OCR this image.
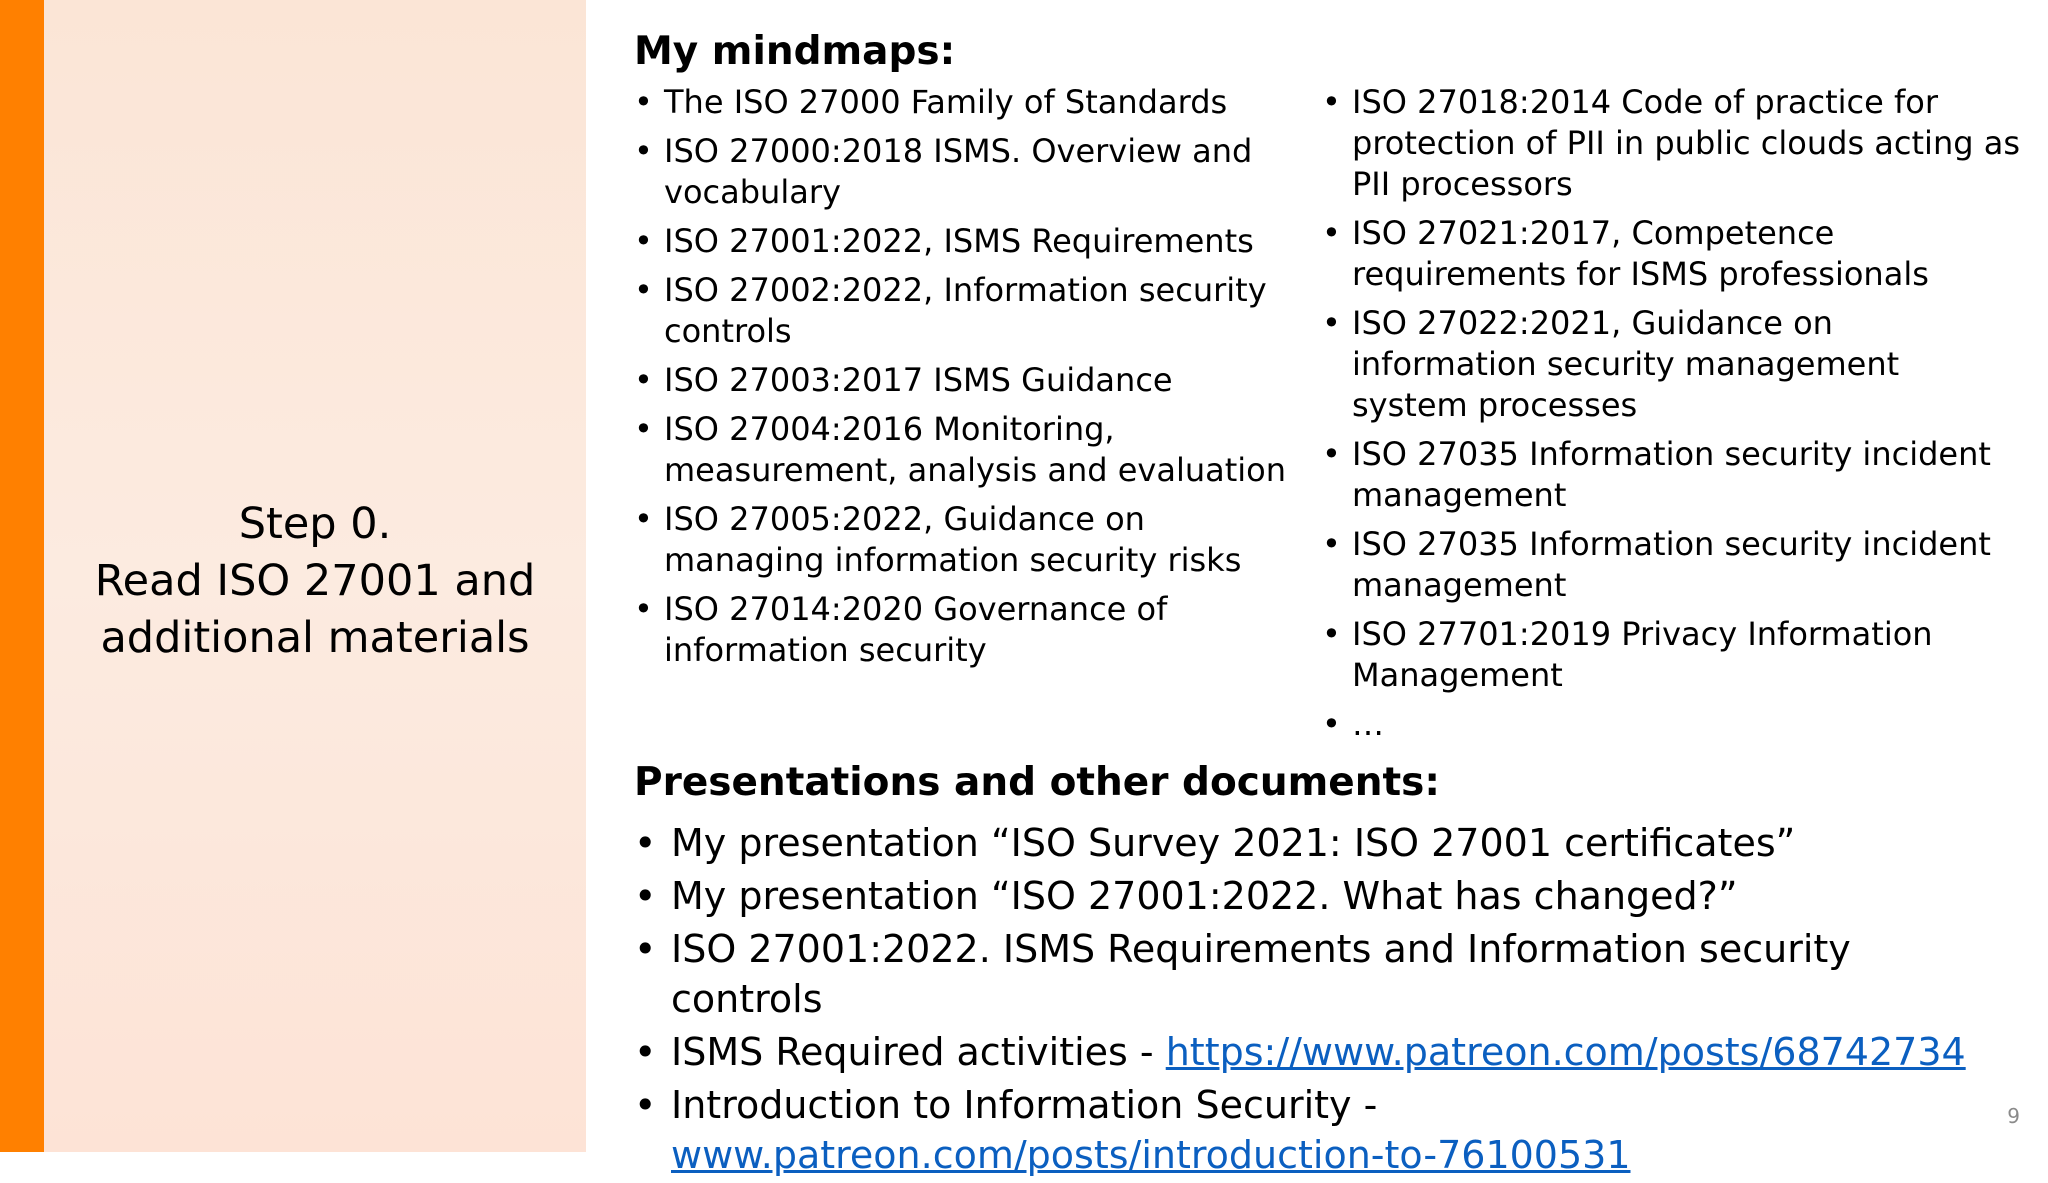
Step 0.
Read ISO 27001 and
additional materials
My mindmaps:
• The ISO 27000 Family of Standards
• ISO 27000:2018 ISMS. Overview and vocabulary
• ISO 27001:2022, ISMS Requirements
• ISO 27002:2022, Information security controls
• ISO 27003:2017 ISMS Guidance
• ISO 27004:2016 Monitoring, measurement, analysis and evaluation
• ISO 27005:2022, Guidance on managing information security risks
• ISO 27014:2020 Governance of information security
• ISO 27018:2014 Code of practice for protection of PII in public clouds acting as PII processors
• ISO 27021:2017, Competence requirements for ISMS professionals
• ISO 27022:2021, Guidance on information security management system processes
• ISO 27035 Information security incident management
• ISO 27035 Information security incident management
• ISO 27701:2019 Privacy Information Management
• …
Presentations and other documents:
• My presentation “ISO Survey 2021: ISO 27001 certificates”
• My presentation “ISO 27001:2022. What has changed?”
• ISO 27001:2022. ISMS Requirements and Information security controls
• ISMS Required activities - https://www.patreon.com/posts/68742734
• Introduction to Information Security -
www.patreon.com/posts/introduction-to-76100531
9
